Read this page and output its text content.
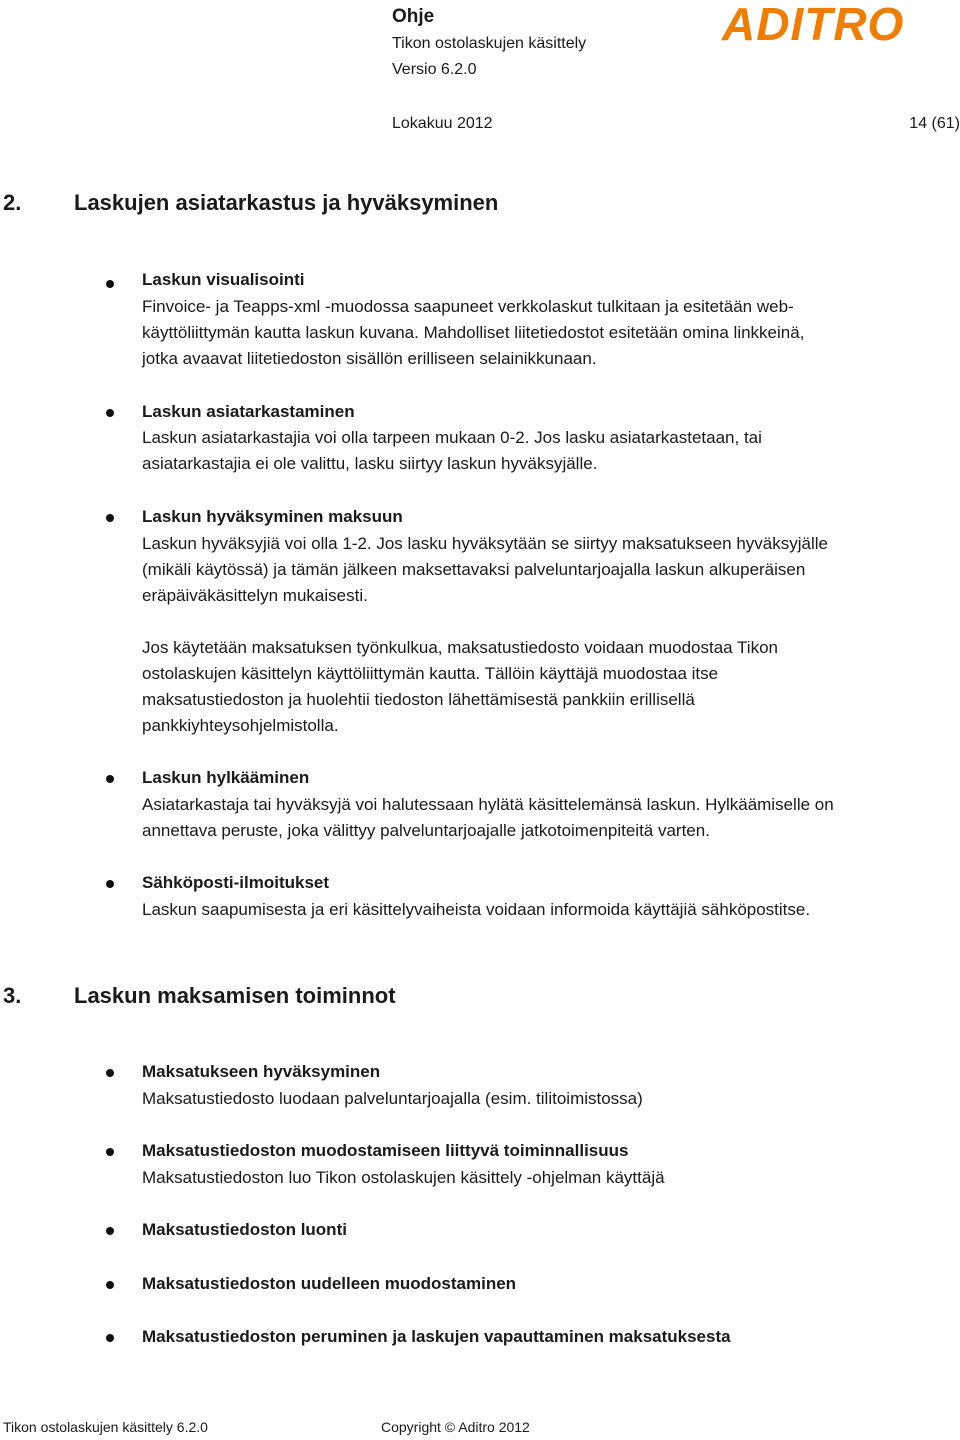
Ohje
Tikon ostolaskujen käsittely
Versio 6.2.0
Lokakuu 2012	14 (61)
ADITRO
2. Laskujen asiatarkastus ja hyväksyminen
Laskun visualisointi

Finvoice- ja Teapps-xml -muodossa saapuneet verkkolaskut tulkitaan ja esitetään web-

käyttöliittymän kautta laskun kuvana. Mahdolliset liitetiedostot esitetään omina linkkeinä,

jotka avaavat liitetiedoston sisällön erilliseen selainikkunaan.

Laskun asiatarkastaminen

Laskun asiatarkastajia voi olla tarpeen mukaan 0-2. Jos lasku asiatarkastetaan, tai

asiatarkastajia ei ole valittu, lasku siirtyy laskun hyväksyjälle.

Laskun hyväksyminen maksuun

Laskun hyväksyjiä voi olla 1-2. Jos lasku hyväksytään se siirtyy maksatukseen hyväksyjälle

(mikäli käytössä) ja tämän jälkeen maksettavaksi palveluntarjoajalla laskun alkuperäisen

eräpäiväkäsittelyn mukaisesti.

Jos käytetään maksatuksen työnkulkua, maksatustiedosto voidaan muodostaa Tikon

ostolaskujen käsittelyn käyttöliittymän kautta. Tällöin käyttäjä muodostaa itse

maksatustiedoston ja huolehtii tiedoston lähettämisestä pankkiin erillisellä

pankkiyhteysohjelmistolla.

Laskun hylkääminen

Asiatarkastaja tai hyväksyjä voi halutessaan hylätä käsittelemänsä laskun. Hylkäämiselle on

annettava peruste, joka välittyy palveluntarjoajalle jatkotoimenpiteitä varten.

Sähköposti-ilmoitukset

Laskun saapumisesta ja eri käsittelyvaiheista voidaan informoida käyttäjiä sähköpostitse.

3. Laskun maksamisen toiminnot
Maksatukseen hyväksyminen

Maksatustiedosto luodaan palveluntarjoajalla (esim. tilitoimistossa)

Maksatustiedoston muodostamiseen liittyvä toiminnallisuus

Maksatustiedoston luo Tikon ostolaskujen käsittely -ohjelman käyttäjä

Maksatustiedoston luonti
Maksatustiedoston uudelleen muodostaminen
Maksatustiedoston peruminen ja laskujen vapauttaminen maksatuksesta
Tikon ostolaskujen käsittely 6.2.0	Copyright © Aditro 2012
